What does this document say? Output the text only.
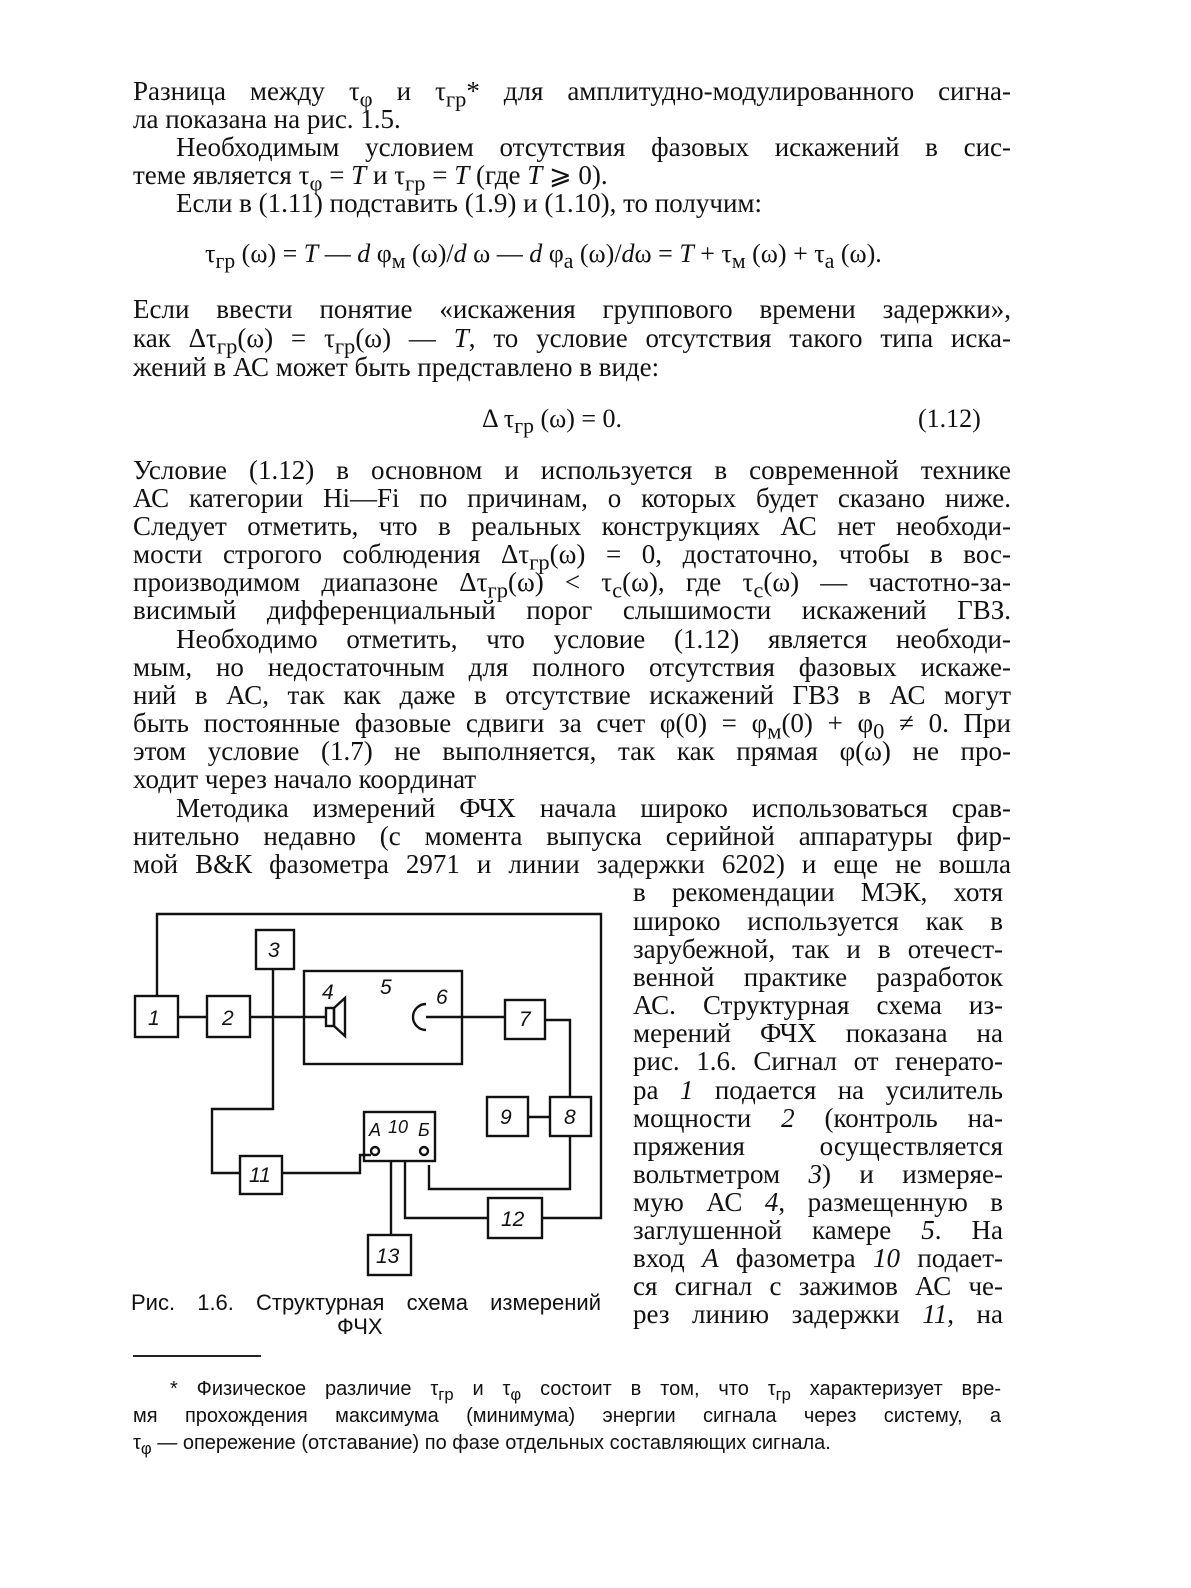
Разница между $\tau_\varphi$ и $\tau_{гр}*$ для амплитудно-модулированного сигна-
ла показана на рис. 1.5.
Необходимым условием отсутствия фазовых искажений в сис-
теме является $\tau_\varphi = T$ и $\tau_{гр} = T$ (где T ⩾ 0).
Если в (1.11) подставить (1.9) и (1.10), то получим:
$\tau_{гр}$ (ω) = T — d $\varphi_м$ (ω)/d ω — d $\varphi_а$ $(\omega)/d\omega = T + \tau_м$ $(\omega) + \tau_а$ (ω).
Если ввести понятие «искажения группового времени задержки»,
как $\Delta\tau_{гр}(\omega) = \tau_{гр}(\omega)$ — T, то условие отсутствия такого типа иска-
жений в АС может быть представлено в виде:
Δ $\tau_{гр}$ (ω) = 0.	(1.12)
Условие (1.12) в основном и используется в современной технике
АС категории Hi—Fi по причинам, о которых будет сказано ниже.
Следует отметить, что в реальных конструкциях АС нет необходи-
мости строгого соблюдения $\Delta\tau_{гр}(\omega) = 0$, достаточно, чтобы в вос-
производимом диапазоне $\Delta\tau_{гр}(\omega) < \tau_с(\omega)$, где $\tau_с(\omega)$ — частотно-за-
висимый дифференциальный порог слышимости искажений ГВЗ.
Необходимо отметить, что условие (1.12) является необходи-
мым, но недостаточным для полного отсутствия фазовых искаже-
ний в АС, так как даже в отсутствие искажений ГВЗ в АС могут
быть постоянные фазовые сдвиги за счет $\varphi(0) = \varphi_м(0) + \varphi_0 \ne 0$. При
этом условие (1.7) не выполняется, так как прямая φ(ω) не про-
ходит через начало координат
Методика измерений ФЧХ начала широко использоваться срав-
нительно недавно (с момента выпуска серийной аппаратуры фир-
мой В&К фазометра 2971 и линии задержки 6202) и еще не вошла
в рекомендации МЭК, хотя
широко используется как в
зарубежной, так и в отечест-
венной практике разработок
АС. Структурная схема из-
мерений ФЧХ показана на
рис. 1.6. Сигнал от генерато-
ра 1 подается на усилитель
мощности 2 (контроль на-
пряжения осуществляется
вольтметром 3) и измеряе-
мую АС 4, размещенную в
заглушенной камере 5. На
вход А фазометра 10 подает-
ся сигнал с зажимов АС че-
рез линию задержки 11, на
1	2
3
4 5 6
7
8
9
10
А Б
11
12
13
Рис. 1.6. Структурная схема измерений
ФЧХ
* Физическое различие $\tau_{гр}$ и $\tau_\varphi$ состоит в том, что $\tau_{гр}$ характеризует вре-
мя прохождения максимума (минимума) энергии сигнала через систему, а
$\tau_\varphi$ — опережение (отставание) по фазе отдельных составляющих сигнала.
